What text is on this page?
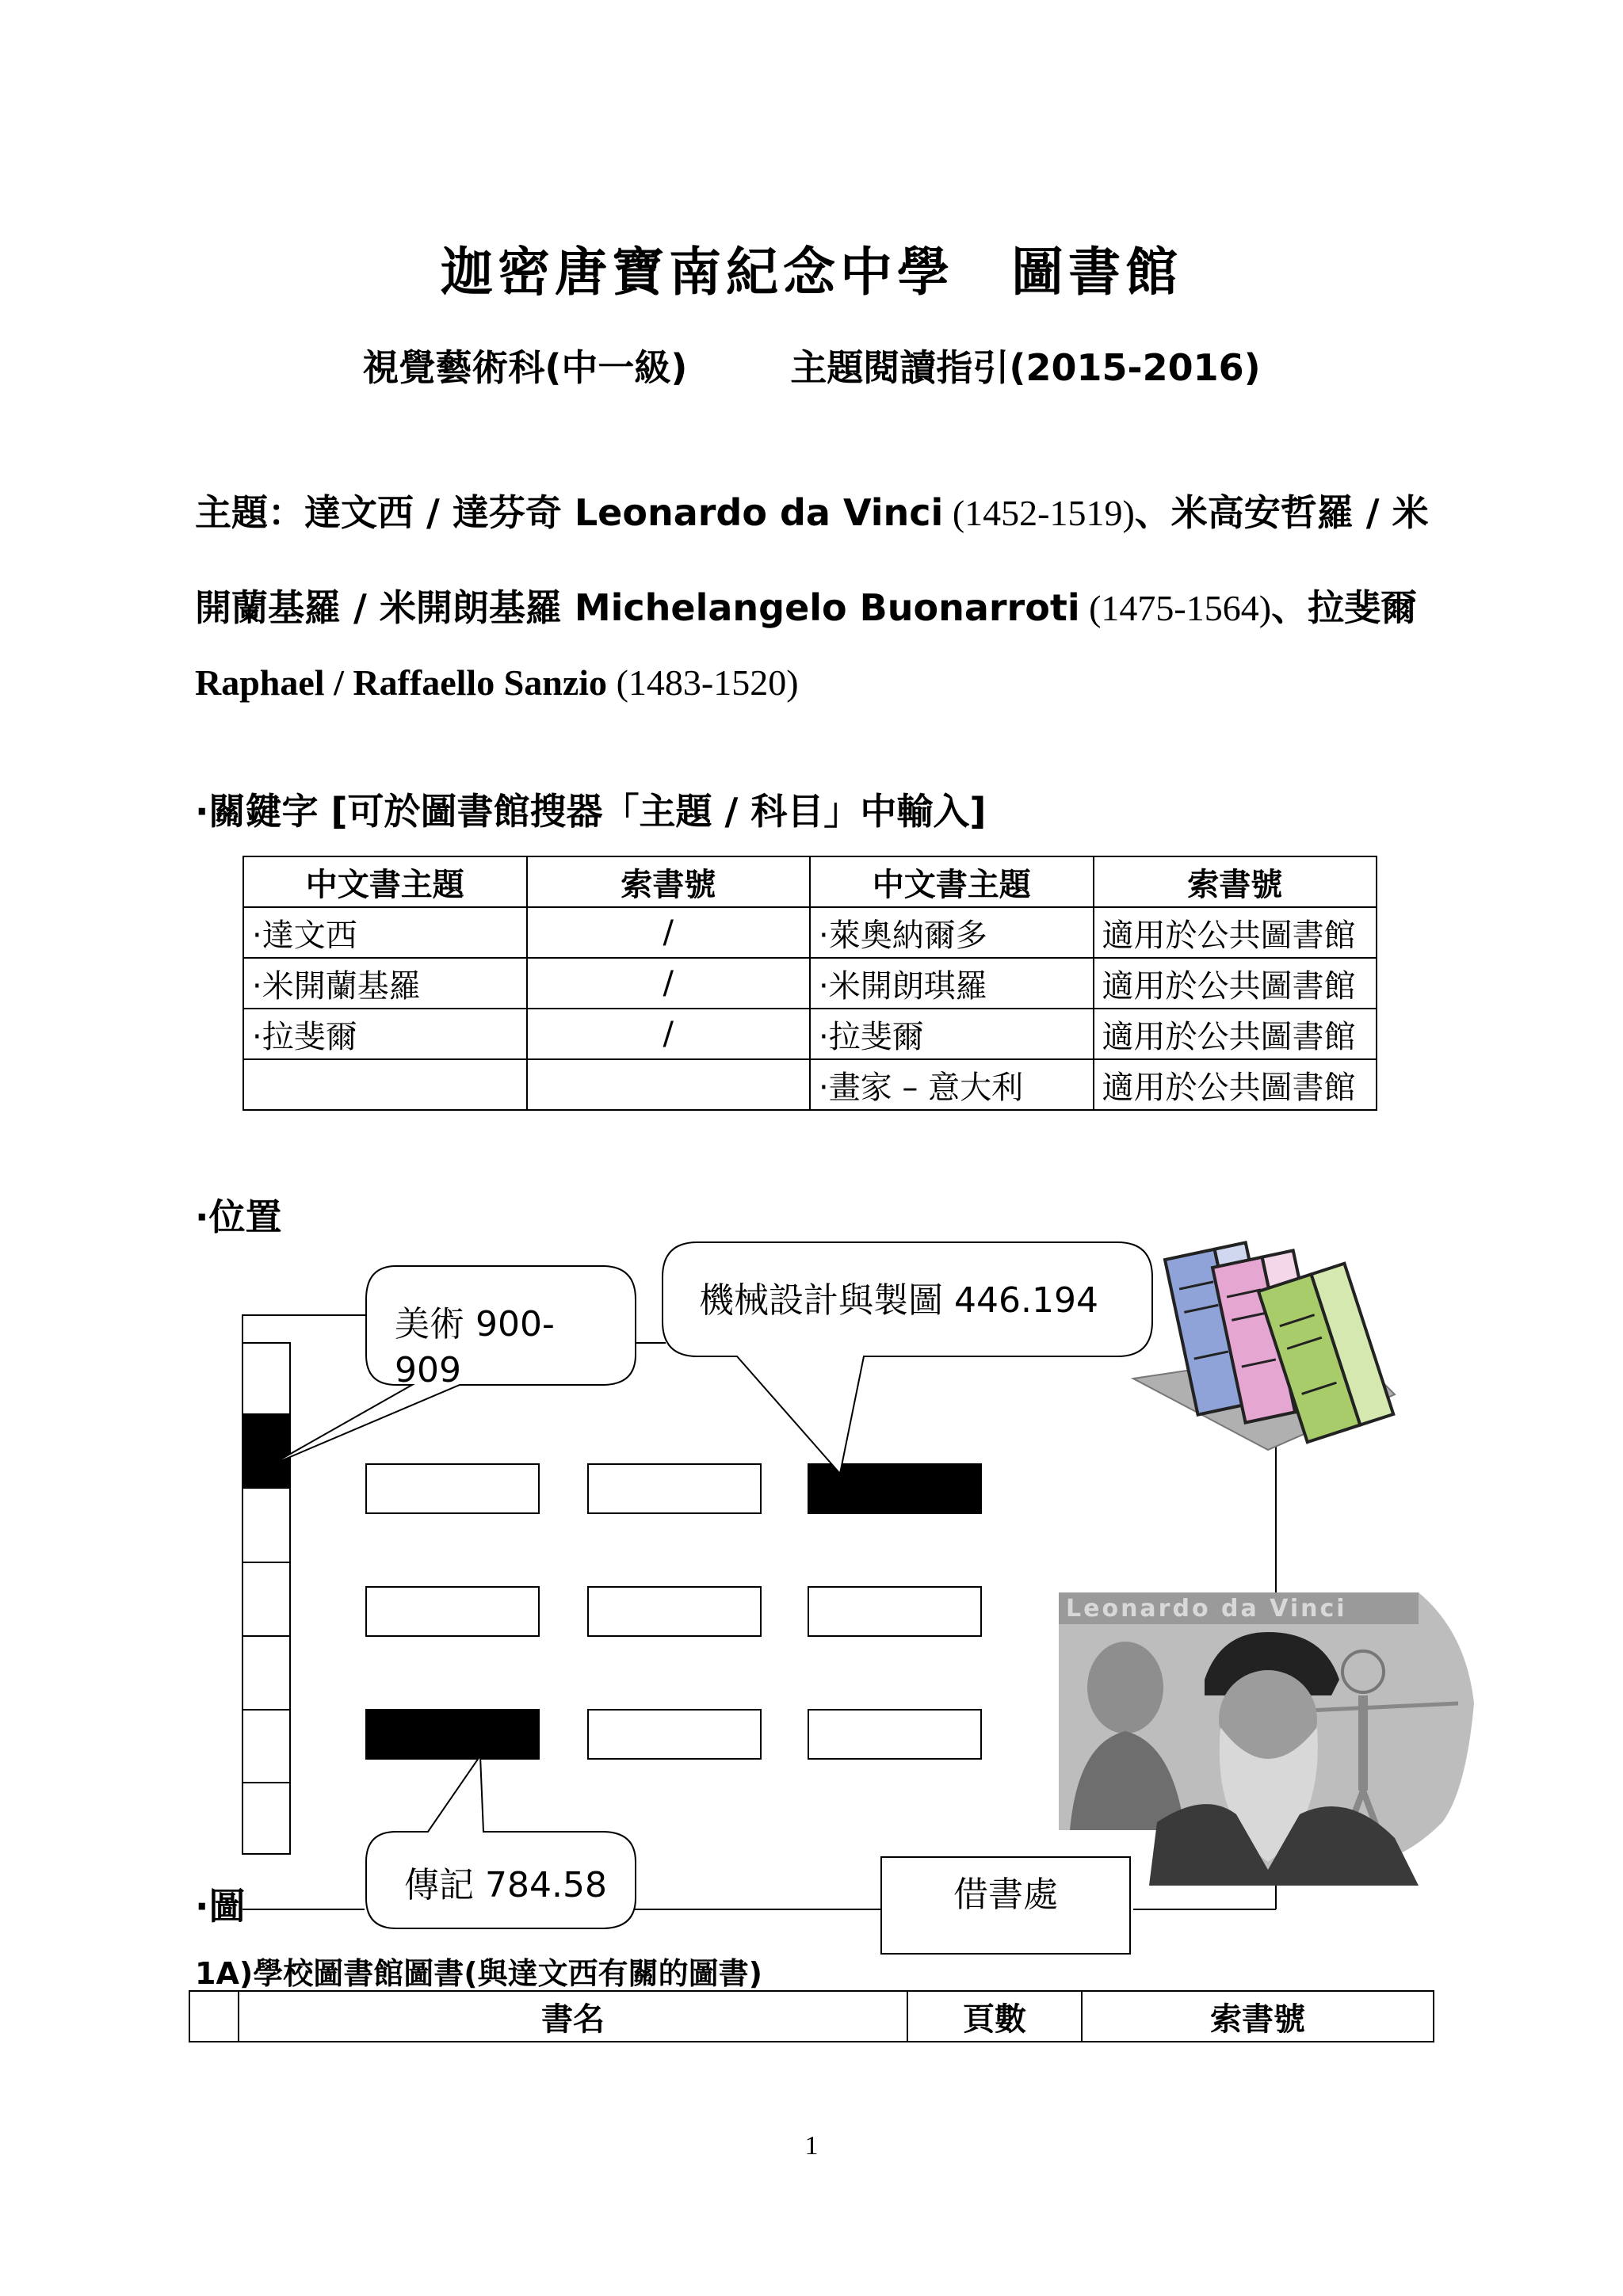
迦密唐寶南紀念中學　圖書館
視覺藝術科(中一級)	主題閱讀指引(2015-2016)
主題：達文西 / 達芬奇 Leonardo da Vinci (1452-1519)、米高安哲羅 / 米
開蘭基羅 / 米開朗基羅 Michelangelo Buonarroti (1475-1564)、拉斐爾
Raphael / Raffaello Sanzio (1483-1520)
·關鍵字 [可於圖書館搜器「主題 / 科目」中輸入]
中文書主題	索書號	中文書主題	索書號
·達文西	/	·萊奧納爾多	適用於公共圖書館
·米開蘭基羅	/	·米開朗琪羅	適用於公共圖書館
·拉斐爾	/	·拉斐爾	適用於公共圖書館
		·畫家 – 意大利	適用於公共圖書館
·位置
美術 900-
909
機械設計與製圖 446.194
傳記 784.58	借書處
Leonardo da Vinci
·圖
1A)學校圖書館圖書(與達文西有關的圖書)
	書名	頁數	索書號
1
